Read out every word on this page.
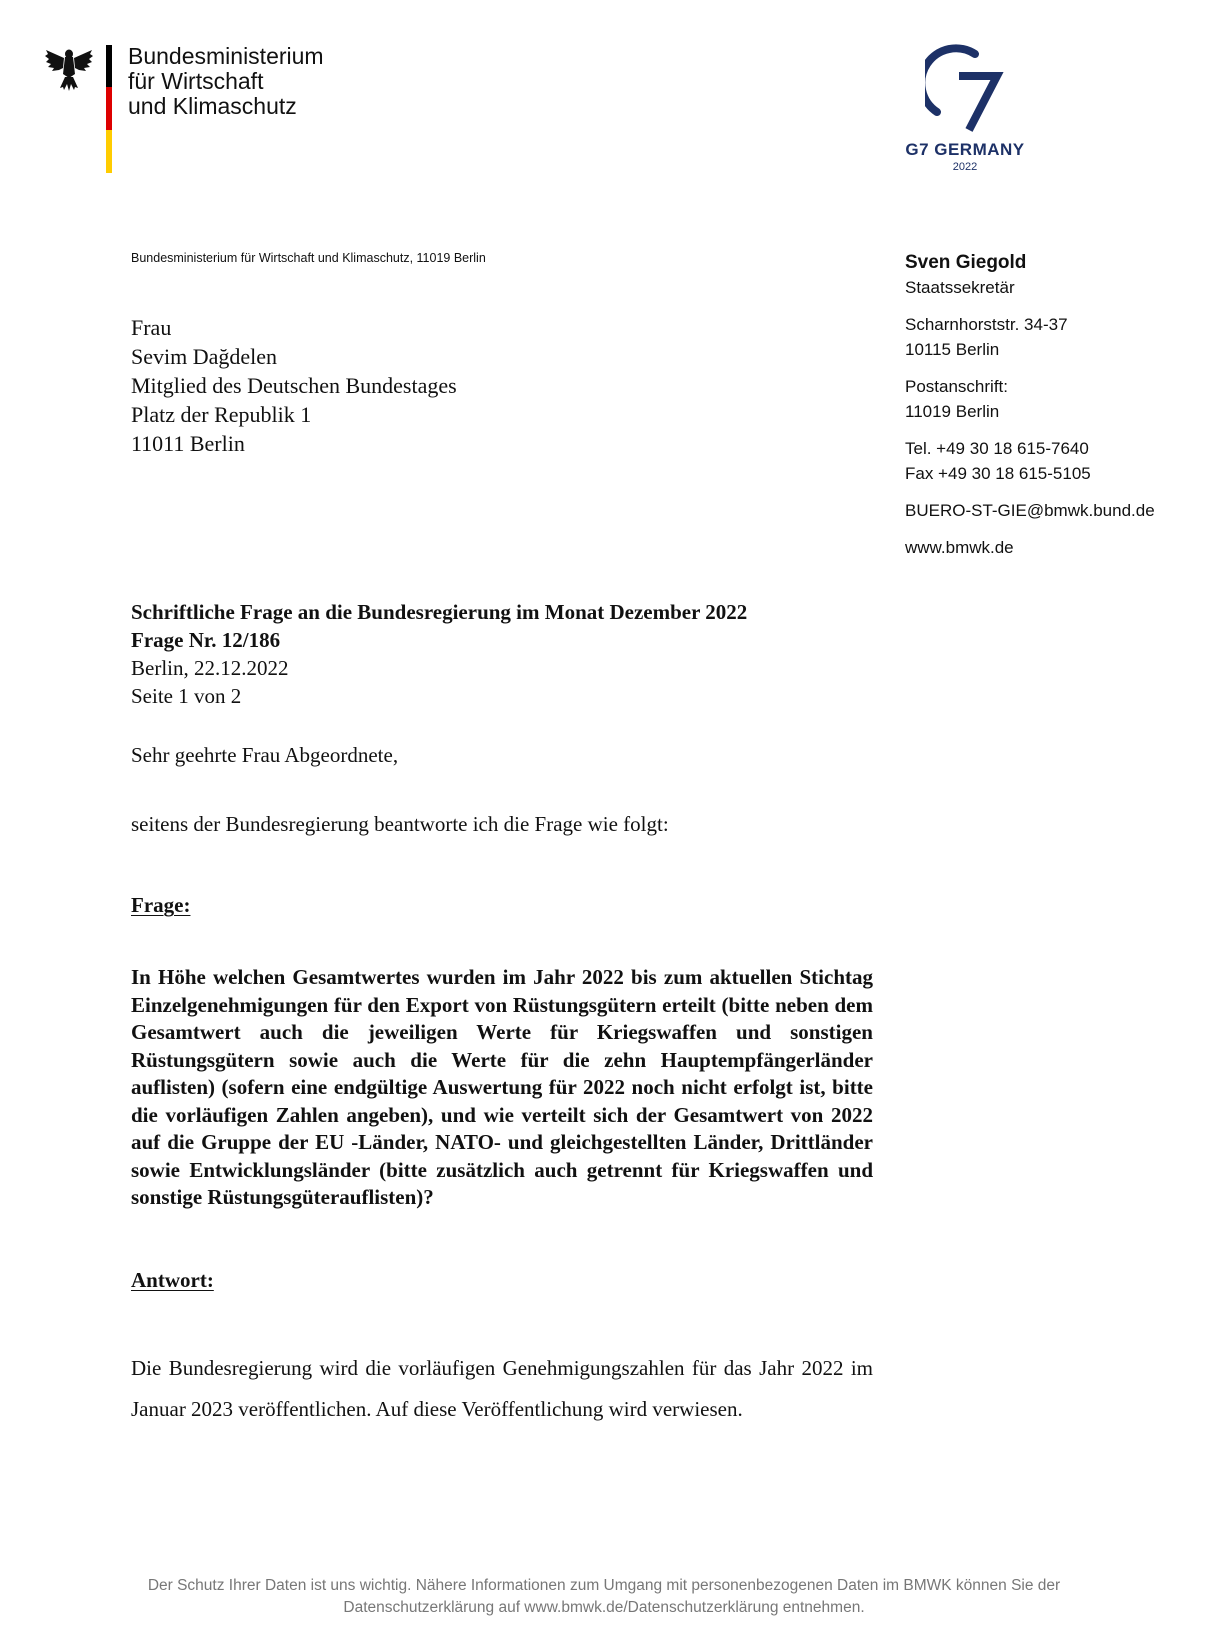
Bundesministerium
für Wirtschaft
und Klimaschutz
G7 GERMANY
2022
Bundesministerium für Wirtschaft und Klimaschutz, 11019 Berlin	Sven Giegold
Staatssekretär
Scharnhorststr. 34-37
10115 Berlin
Postanschrift:
11019 Berlin
Tel. +49 30 18 615-7640
Fax +49 30 18 615-5105
BUERO-ST-GIE@bmwk.bund.de
www.bmwk.de
Frau
Sevim Dağdelen
Mitglied des Deutschen Bundestages
Platz der Republik 1
11011 Berlin
Schriftliche Frage an die Bundesregierung im Monat Dezember 2022
Frage Nr. 12/186
Berlin, 22.12.2022
Seite 1 von 2
Sehr geehrte Frau Abgeordnete,
seitens der Bundesregierung beantworte ich die Frage wie folgt:
Frage:

In Höhe welchen Gesamtwertes wurden im Jahr 2022 bis zum aktuellen Stichtag Einzelgenehmigungen für den Export von Rüstungsgütern erteilt (bitte neben dem Gesamtwert auch die jeweiligen Werte für Kriegswaffen und sonstigen Rüstungsgütern sowie auch die Werte für die zehn Hauptempfängerländer auflisten) (sofern eine endgültige Auswertung für 2022 noch nicht erfolgt ist, bitte die vorläufigen Zahlen angeben), und wie verteilt sich der Gesamtwert von 2022 auf die Gruppe der EU -Länder, NATO- und gleichgestellten Länder, Drittländer sowie Entwicklungsländer (bitte zusätzlich auch getrennt für Kriegswaffen und sonstige Rüstungsgüterauflisten)?

Antwort:

Die Bundesregierung wird die vorläufigen Genehmigungszahlen für das Jahr 2022 im Januar 2023 veröffentlichen. Auf diese Veröffentlichung wird verwiesen.

Der Schutz Ihrer Daten ist uns wichtig. Nähere Informationen zum Umgang mit personenbezogenen Daten im BMWK können Sie der
Datenschutzerklärung auf www.bmwk.de/Datenschutzerklärung entnehmen.
